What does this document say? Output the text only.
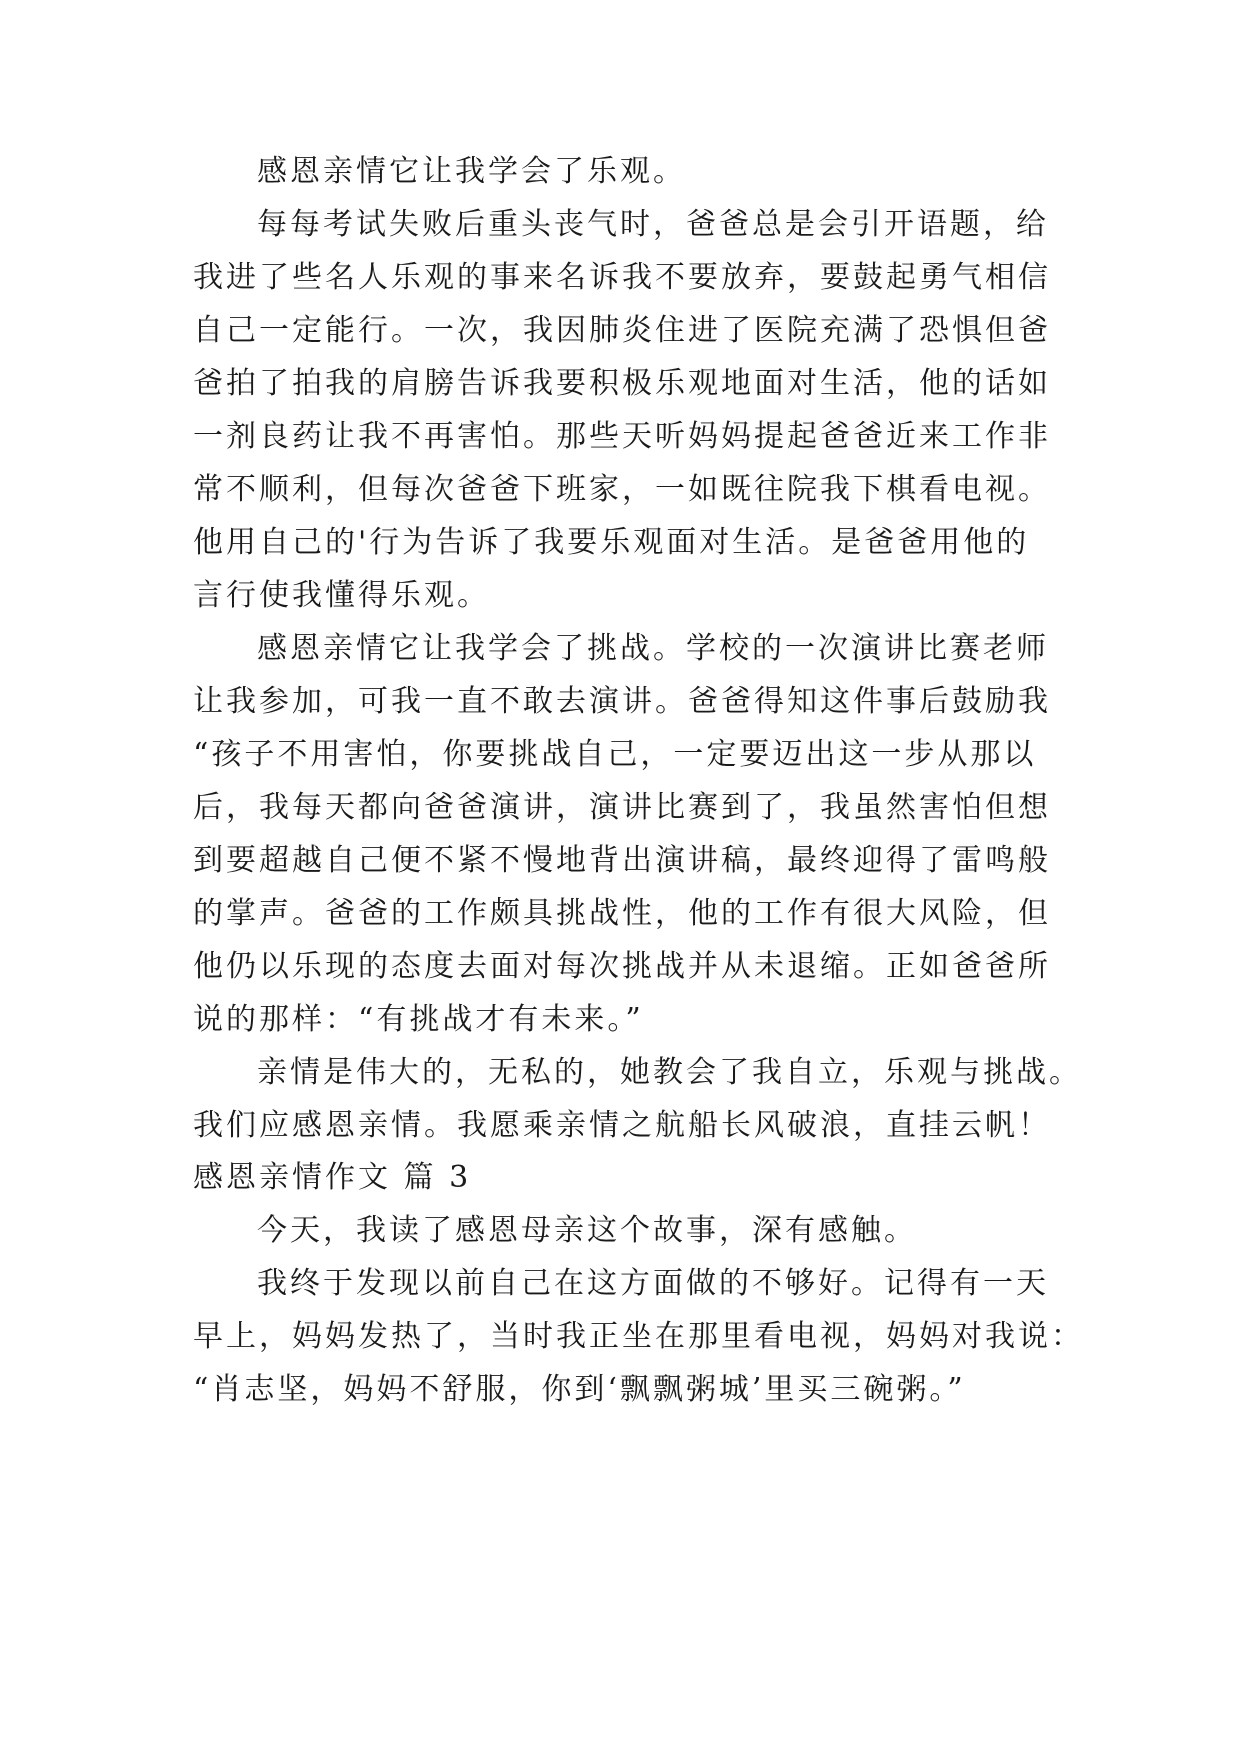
感恩亲情它让我学会了乐观。
每每考试失败后重头丧气时，爸爸总是会引开语题，给
我进了些名人乐观的事来名诉我不要放弃，要鼓起勇气相信
自己一定能行。一次，我因肺炎住进了医院充满了恐惧但爸
爸拍了拍我的肩膀告诉我要积极乐观地面对生活，他的话如
一剂良药让我不再害怕。那些天听妈妈提起爸爸近来工作非
常不顺利，但每次爸爸下班家，一如既往院我下棋看电视。
他用自己的'行为告诉了我要乐观面对生活。是爸爸用他的
言行使我懂得乐观。
感恩亲情它让我学会了挑战。学校的一次演讲比赛老师
让我参加，可我一直不敢去演讲。爸爸得知这件事后鼓励我
“孩子不用害怕，你要挑战自己，一定要迈出这一步从那以
后，我每天都向爸爸演讲，演讲比赛到了，我虽然害怕但想
到要超越自己便不紧不慢地背出演讲稿，最终迎得了雷鸣般
的掌声。爸爸的工作颇具挑战性，他的工作有很大风险，但
他仍以乐现的态度去面对每次挑战并从未退缩。正如爸爸所
说的那样：“有挑战才有未来。”
亲情是伟大的，无私的，她教会了我自立，乐观与挑战。
我们应感恩亲情。我愿乘亲情之航船长风破浪，直挂云帆！
感恩亲情作文 篇 3
今天，我读了感恩母亲这个故事，深有感触。
我终于发现以前自己在这方面做的不够好。记得有一天
早上，妈妈发热了，当时我正坐在那里看电视，妈妈对我说：
“肖志坚，妈妈不舒服，你到‘飘飘粥城’里买三碗粥。”
